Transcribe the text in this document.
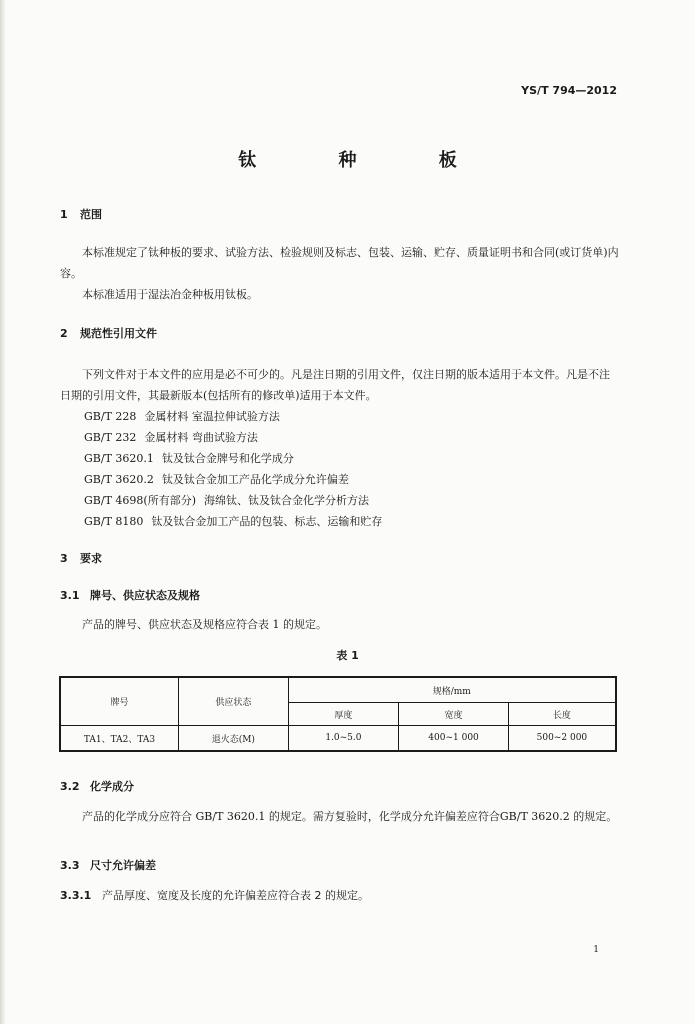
YS/T 794—2012
钛 种 板
1 范围
本标准规定了钛种板的要求、试验方法、检验规则及标志、包装、运输、贮存、质量证明书和合同(或订货单)内容。
本标准适用于湿法冶金种板用钛板。
2 规范性引用文件
下列文件对于本文件的应用是必不可少的。凡是注日期的引用文件，仅注日期的版本适用于本文件。凡是不注日期的引用文件，其最新版本(包括所有的修改单)适用于本文件。
GB/T 228 金属材料 室温拉伸试验方法
GB/T 232 金属材料 弯曲试验方法
GB/T 3620.1 钛及钛合金牌号和化学成分
GB/T 3620.2 钛及钛合金加工产品化学成分允许偏差
GB/T 4698(所有部分) 海绵钛、钛及钛合金化学分析方法
GB/T 8180 钛及钛合金加工产品的包装、标志、运输和贮存
3 要求
3.1 牌号、供应状态及规格
产品的牌号、供应状态及规格应符合表 1 的规定。
表 1
牌号	供应状态	规格/mm		
		厚度	宽度	长度
TA1、TA2、TA3	退火态(M)	1.0~5.0	400~1 000	500~2 000
3.2 化学成分
产品的化学成分应符合 GB/T 3620.1 的规定。需方复验时，化学成分允许偏差应符合GB/T 3620.2 的规定。
3.3 尺寸允许偏差
3.3.1 产品厚度、宽度及长度的允许偏差应符合表 2 的规定。
1
